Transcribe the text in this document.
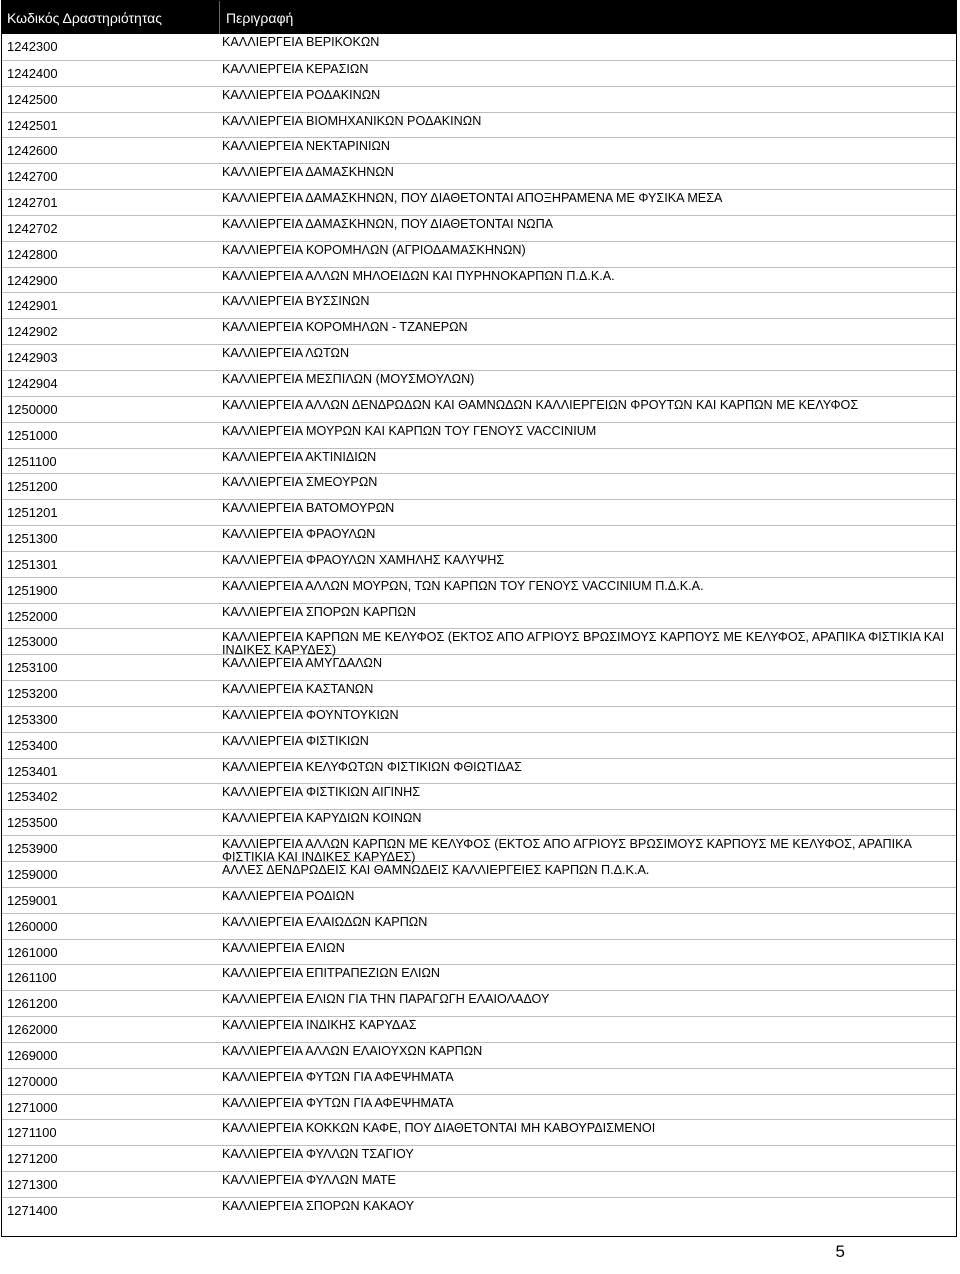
Κωδικός Δραστηριότητας	Περιγραφή
1242300	ΚΑΛΛΙΕΡΓΕΙΑ ΒΕΡΙΚΟΚΩΝ
1242400	ΚΑΛΛΙΕΡΓΕΙΑ ΚΕΡΑΣΙΩΝ
1242500	ΚΑΛΛΙΕΡΓΕΙΑ ΡΟΔΑΚΙΝΩΝ
1242501	ΚΑΛΛΙΕΡΓΕΙΑ ΒΙΟΜΗΧΑΝΙΚΩΝ ΡΟΔΑΚΙΝΩΝ
1242600	ΚΑΛΛΙΕΡΓΕΙΑ ΝΕΚΤΑΡΙΝΙΩΝ
1242700	ΚΑΛΛΙΕΡΓΕΙΑ ΔΑΜΑΣΚΗΝΩΝ
1242701	ΚΑΛΛΙΕΡΓΕΙΑ ΔΑΜΑΣΚΗΝΩΝ, ΠΟΥ ΔΙΑΘΕΤΟΝΤΑΙ ΑΠΟΞΗΡΑΜΕΝΑ ΜΕ ΦΥΣΙΚΑ ΜΕΣΑ
1242702	ΚΑΛΛΙΕΡΓΕΙΑ ΔΑΜΑΣΚΗΝΩΝ, ΠΟΥ ΔΙΑΘΕΤΟΝΤΑΙ ΝΩΠΑ
1242800	ΚΑΛΛΙΕΡΓΕΙΑ ΚΟΡΟΜΗΛΩΝ (ΑΓΡΙΟΔΑΜΑΣΚΗΝΩΝ)
1242900	ΚΑΛΛΙΕΡΓΕΙΑ ΑΛΛΩΝ ΜΗΛΟΕΙΔΩΝ ΚΑΙ ΠΥΡΗΝΟΚΑΡΠΩΝ Π.Δ.Κ.Α.
1242901	ΚΑΛΛΙΕΡΓΕΙΑ ΒΥΣΣΙΝΩΝ
1242902	ΚΑΛΛΙΕΡΓΕΙΑ ΚΟΡΟΜΗΛΩΝ - ΤΖΑΝΕΡΩΝ
1242903	ΚΑΛΛΙΕΡΓΕΙΑ ΛΩΤΩΝ
1242904	ΚΑΛΛΙΕΡΓΕΙΑ ΜΕΣΠΙΛΩΝ (ΜΟΥΣΜΟΥΛΩΝ)
1250000	ΚΑΛΛΙΕΡΓΕΙΑ ΑΛΛΩΝ ΔΕΝΔΡΩΔΩΝ ΚΑΙ ΘΑΜΝΩΔΩΝ ΚΑΛΛΙΕΡΓΕΙΩΝ ΦΡΟΥΤΩΝ ΚΑΙ ΚΑΡΠΩΝ ΜΕ ΚΕΛΥΦΟΣ
1251000	ΚΑΛΛΙΕΡΓΕΙΑ ΜΟΥΡΩΝ ΚΑΙ ΚΑΡΠΩΝ ΤΟΥ ΓΕΝΟΥΣ VACCINIUM
1251100	ΚΑΛΛΙΕΡΓΕΙΑ ΑΚΤΙΝΙΔΙΩΝ
1251200	ΚΑΛΛΙΕΡΓΕΙΑ ΣΜΕΟΥΡΩΝ
1251201	ΚΑΛΛΙΕΡΓΕΙΑ ΒΑΤΟΜΟΥΡΩΝ
1251300	ΚΑΛΛΙΕΡΓΕΙΑ ΦΡΑΟΥΛΩΝ
1251301	ΚΑΛΛΙΕΡΓΕΙΑ ΦΡΑΟΥΛΩΝ ΧΑΜΗΛΗΣ ΚΑΛΥΨΗΣ
1251900	ΚΑΛΛΙΕΡΓΕΙΑ ΑΛΛΩΝ ΜΟΥΡΩΝ, ΤΩΝ ΚΑΡΠΩΝ ΤΟΥ ΓΕΝΟΥΣ VACCINIUM Π.Δ.Κ.Α.
1252000	ΚΑΛΛΙΕΡΓΕΙΑ ΣΠΟΡΩΝ ΚΑΡΠΩΝ
1253000	ΚΑΛΛΙΕΡΓΕΙΑ ΚΑΡΠΩΝ ΜΕ ΚΕΛΥΦΟΣ (ΕΚΤΟΣ ΑΠΟ ΑΓΡΙΟΥΣ ΒΡΩΣΙΜΟΥΣ ΚΑΡΠΟΥΣ ΜΕ ΚΕΛΥΦΟΣ, ΑΡΑΠΙΚΑ ΦΙΣΤΙΚΙΑ ΚΑΙ ΙΝΔΙΚΕΣ ΚΑΡΥΔΕΣ)
1253100	ΚΑΛΛΙΕΡΓΕΙΑ ΑΜΥΓΔΑΛΩΝ
1253200	ΚΑΛΛΙΕΡΓΕΙΑ ΚΑΣΤΑΝΩΝ
1253300	ΚΑΛΛΙΕΡΓΕΙΑ ΦΟΥΝΤΟΥΚΙΩΝ
1253400	ΚΑΛΛΙΕΡΓΕΙΑ ΦΙΣΤΙΚΙΩΝ
1253401	ΚΑΛΛΙΕΡΓΕΙΑ ΚΕΛΥΦΩΤΩΝ ΦΙΣΤΙΚΙΩΝ ΦΘΙΩΤΙΔΑΣ
1253402	ΚΑΛΛΙΕΡΓΕΙΑ ΦΙΣΤΙΚΙΩΝ ΑΙΓΙΝΗΣ
1253500	ΚΑΛΛΙΕΡΓΕΙΑ ΚΑΡΥΔΙΩΝ ΚΟΙΝΩΝ
1253900	ΚΑΛΛΙΕΡΓΕΙΑ ΑΛΛΩΝ ΚΑΡΠΩΝ ΜΕ ΚΕΛΥΦΟΣ (ΕΚΤΟΣ ΑΠΟ ΑΓΡΙΟΥΣ ΒΡΩΣΙΜΟΥΣ ΚΑΡΠΟΥΣ ΜΕ ΚΕΛΥΦΟΣ, ΑΡΑΠΙΚΑ ΦΙΣΤΙΚΙΑ ΚΑΙ ΙΝΔΙΚΕΣ ΚΑΡΥΔΕΣ)
1259000	ΑΛΛΕΣ ΔΕΝΔΡΩΔΕΙΣ ΚΑΙ ΘΑΜΝΩΔΕΙΣ ΚΑΛΛΙΕΡΓΕΙΕΣ ΚΑΡΠΩΝ Π.Δ.Κ.Α.
1259001	ΚΑΛΛΙΕΡΓΕΙΑ ΡΟΔΙΩΝ
1260000	ΚΑΛΛΙΕΡΓΕΙΑ ΕΛΑΙΩΔΩΝ ΚΑΡΠΩΝ
1261000	ΚΑΛΛΙΕΡΓΕΙΑ ΕΛΙΩΝ
1261100	ΚΑΛΛΙΕΡΓΕΙΑ ΕΠΙΤΡΑΠΕΖΙΩΝ ΕΛΙΩΝ
1261200	ΚΑΛΛΙΕΡΓΕΙΑ ΕΛΙΩΝ ΓΙΑ ΤΗΝ ΠΑΡΑΓΩΓΗ ΕΛΑΙΟΛΑΔΟΥ
1262000	ΚΑΛΛΙΕΡΓΕΙΑ ΙΝΔΙΚΗΣ ΚΑΡΥΔΑΣ
1269000	ΚΑΛΛΙΕΡΓΕΙΑ ΑΛΛΩΝ ΕΛΑΙΟΥΧΩΝ ΚΑΡΠΩΝ
1270000	ΚΑΛΛΙΕΡΓΕΙΑ ΦΥΤΩΝ ΓΙΑ ΑΦΕΨΗΜΑΤΑ
1271000	ΚΑΛΛΙΕΡΓΕΙΑ ΦΥΤΩΝ ΓΙΑ ΑΦΕΨΗΜΑΤΑ
1271100	ΚΑΛΛΙΕΡΓΕΙΑ ΚΟΚΚΩΝ ΚΑΦΕ, ΠΟΥ ΔΙΑΘΕΤΟΝΤΑΙ ΜΗ ΚΑΒΟΥΡΔΙΣΜΕΝΟΙ
1271200	ΚΑΛΛΙΕΡΓΕΙΑ ΦΥΛΛΩΝ ΤΣΑΓΙΟΥ
1271300	ΚΑΛΛΙΕΡΓΕΙΑ ΦΥΛΛΩΝ ΜΑΤΕ
1271400	ΚΑΛΛΙΕΡΓΕΙΑ ΣΠΟΡΩΝ ΚΑΚΑΟΥ
5
